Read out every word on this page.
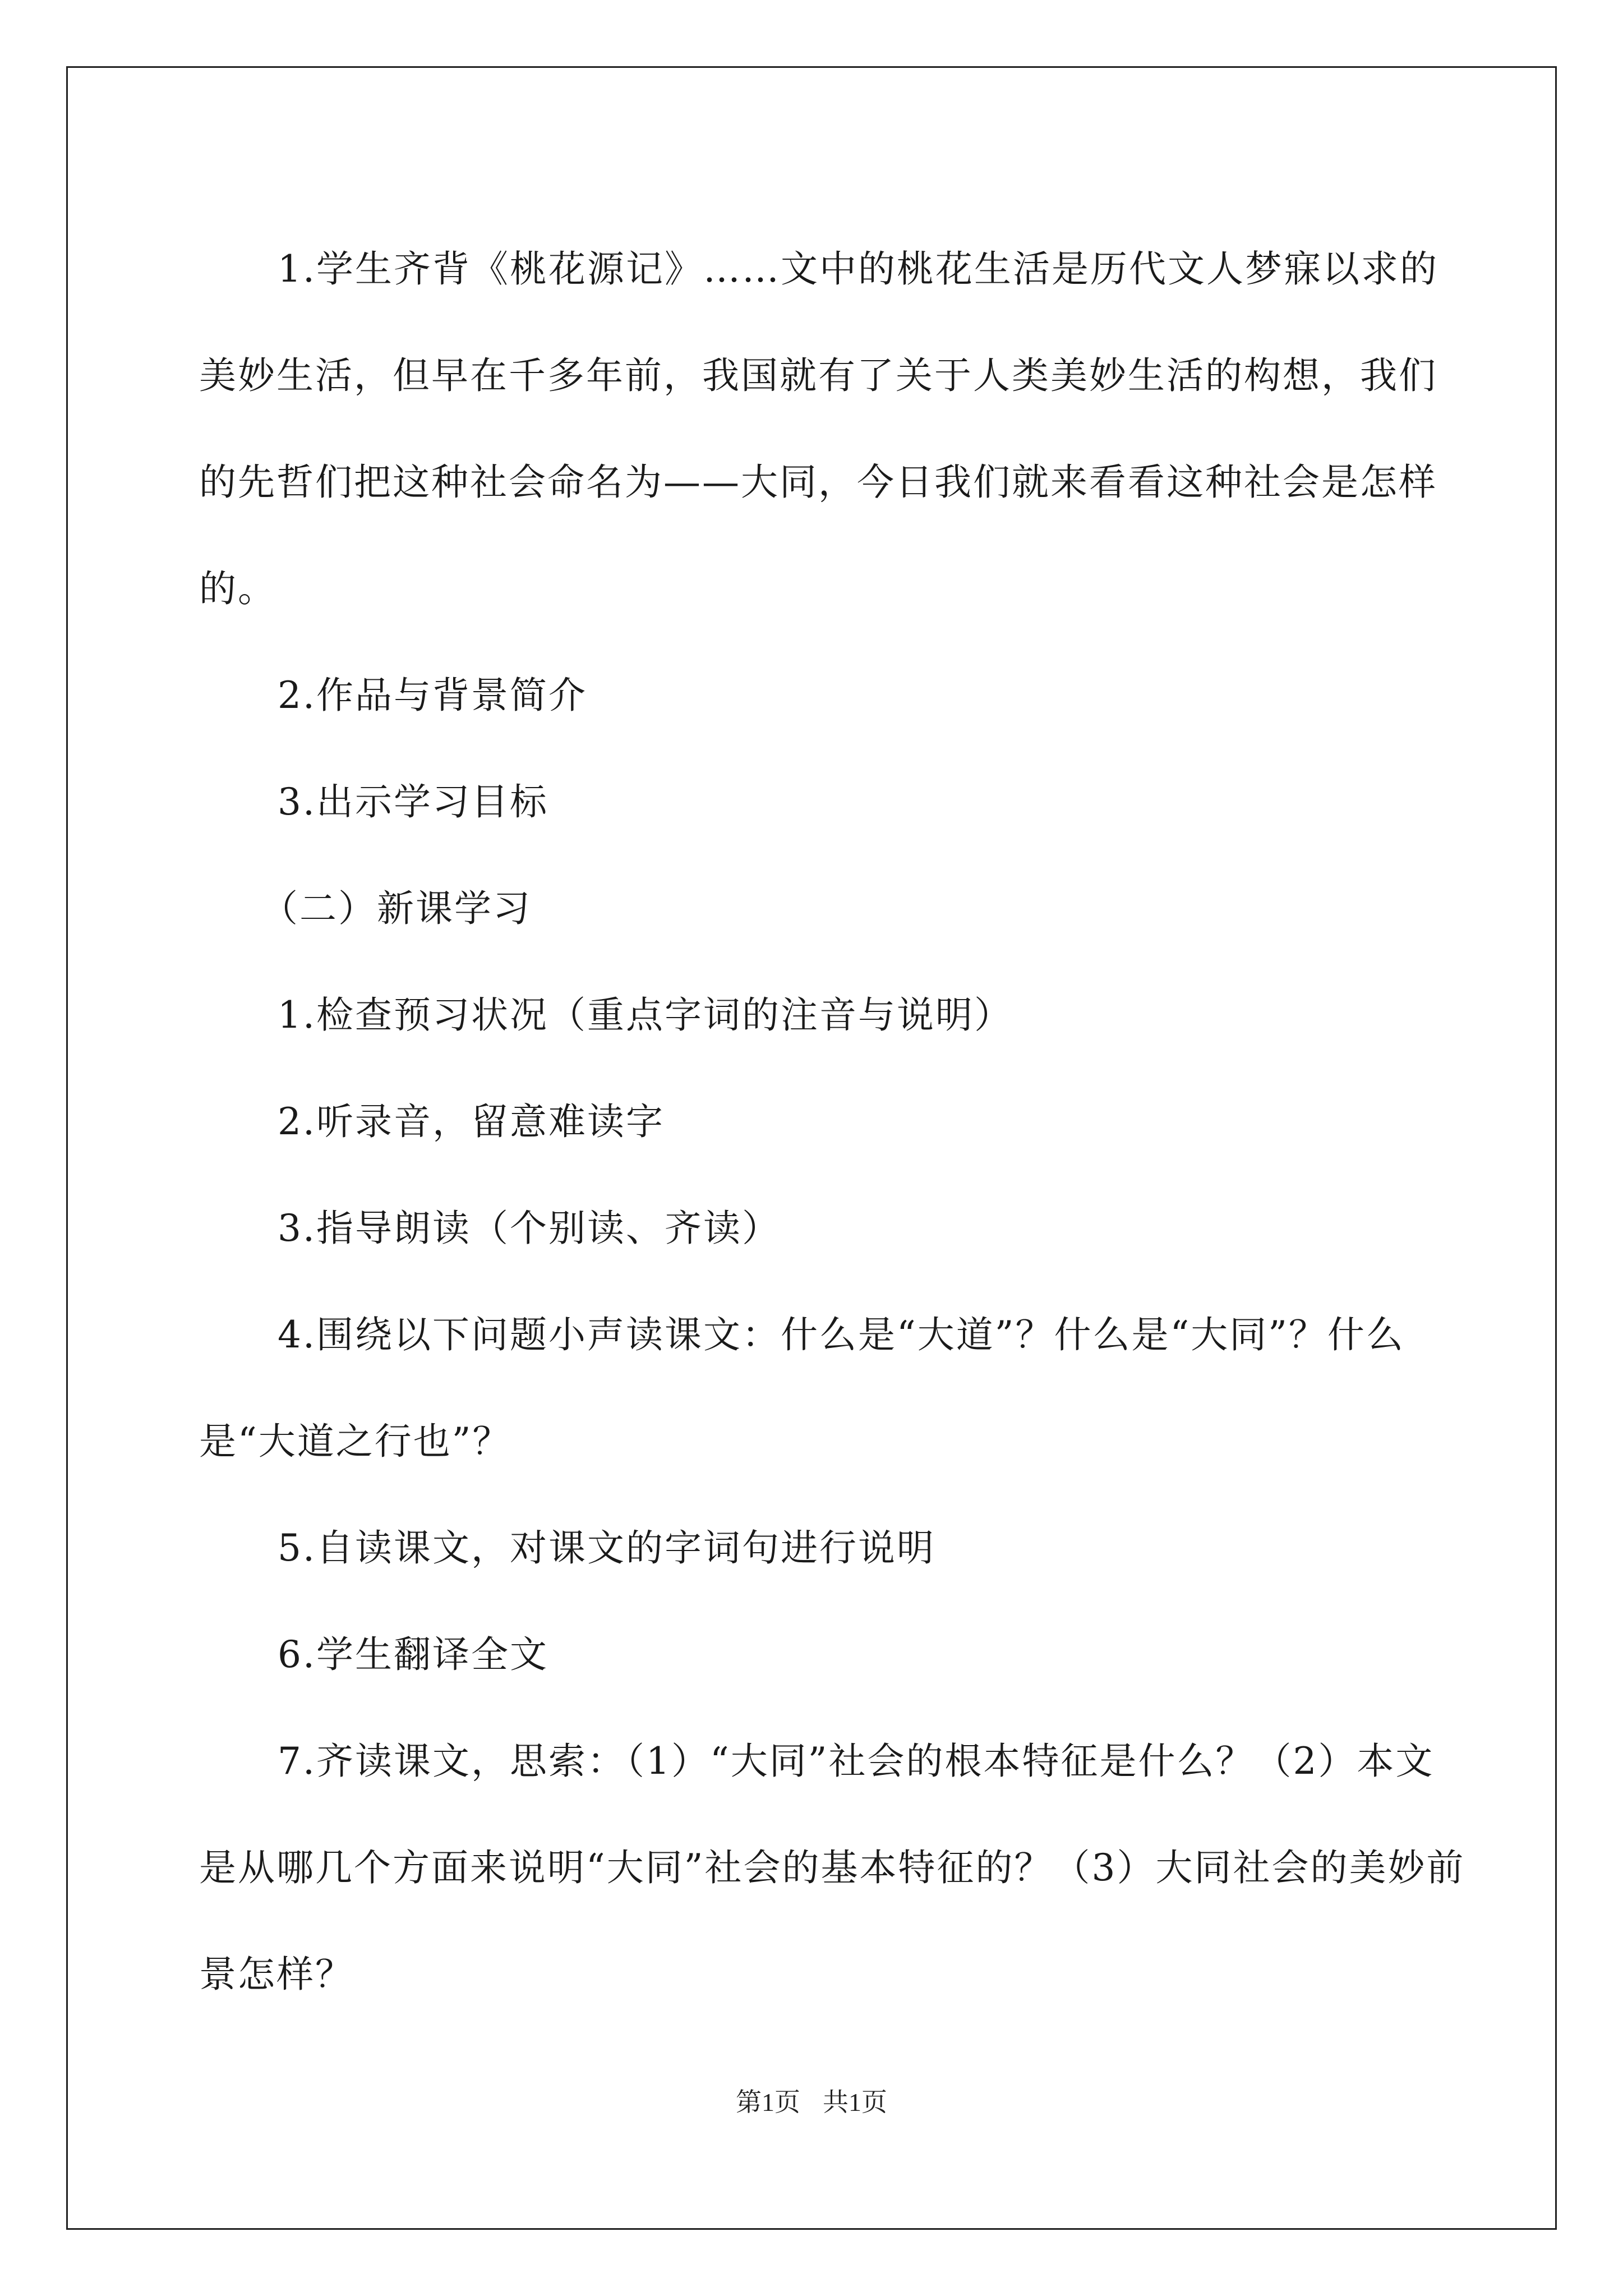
1.学生齐背《桃花源记》……文中的桃花生活是历代文人梦寐以求的美妙生活，但早在千多年前，我国就有了关于人类美妙生活的构想，我们的先哲们把这种社会命名为——大同，今日我们就来看看这种社会是怎样的。

2.作品与背景简介

3.出示学习目标

（二）新课学习

1.检查预习状况（重点字词的注音与说明）

2.听录音，留意难读字

3.指导朗读（个别读、齐读）

4.围绕以下问题小声读课文：什么是“大道”？什么是“大同”？什么是“大道之行也”？

5.自读课文，对课文的字词句进行说明

6.学生翻译全文

7.齐读课文，思索：（1）“大同”社会的根本特征是什么？（2）本文是从哪几个方面来说明“大同”社会的基本特征的？（3）大同社会的美妙前景怎样？

第1页 共1页
